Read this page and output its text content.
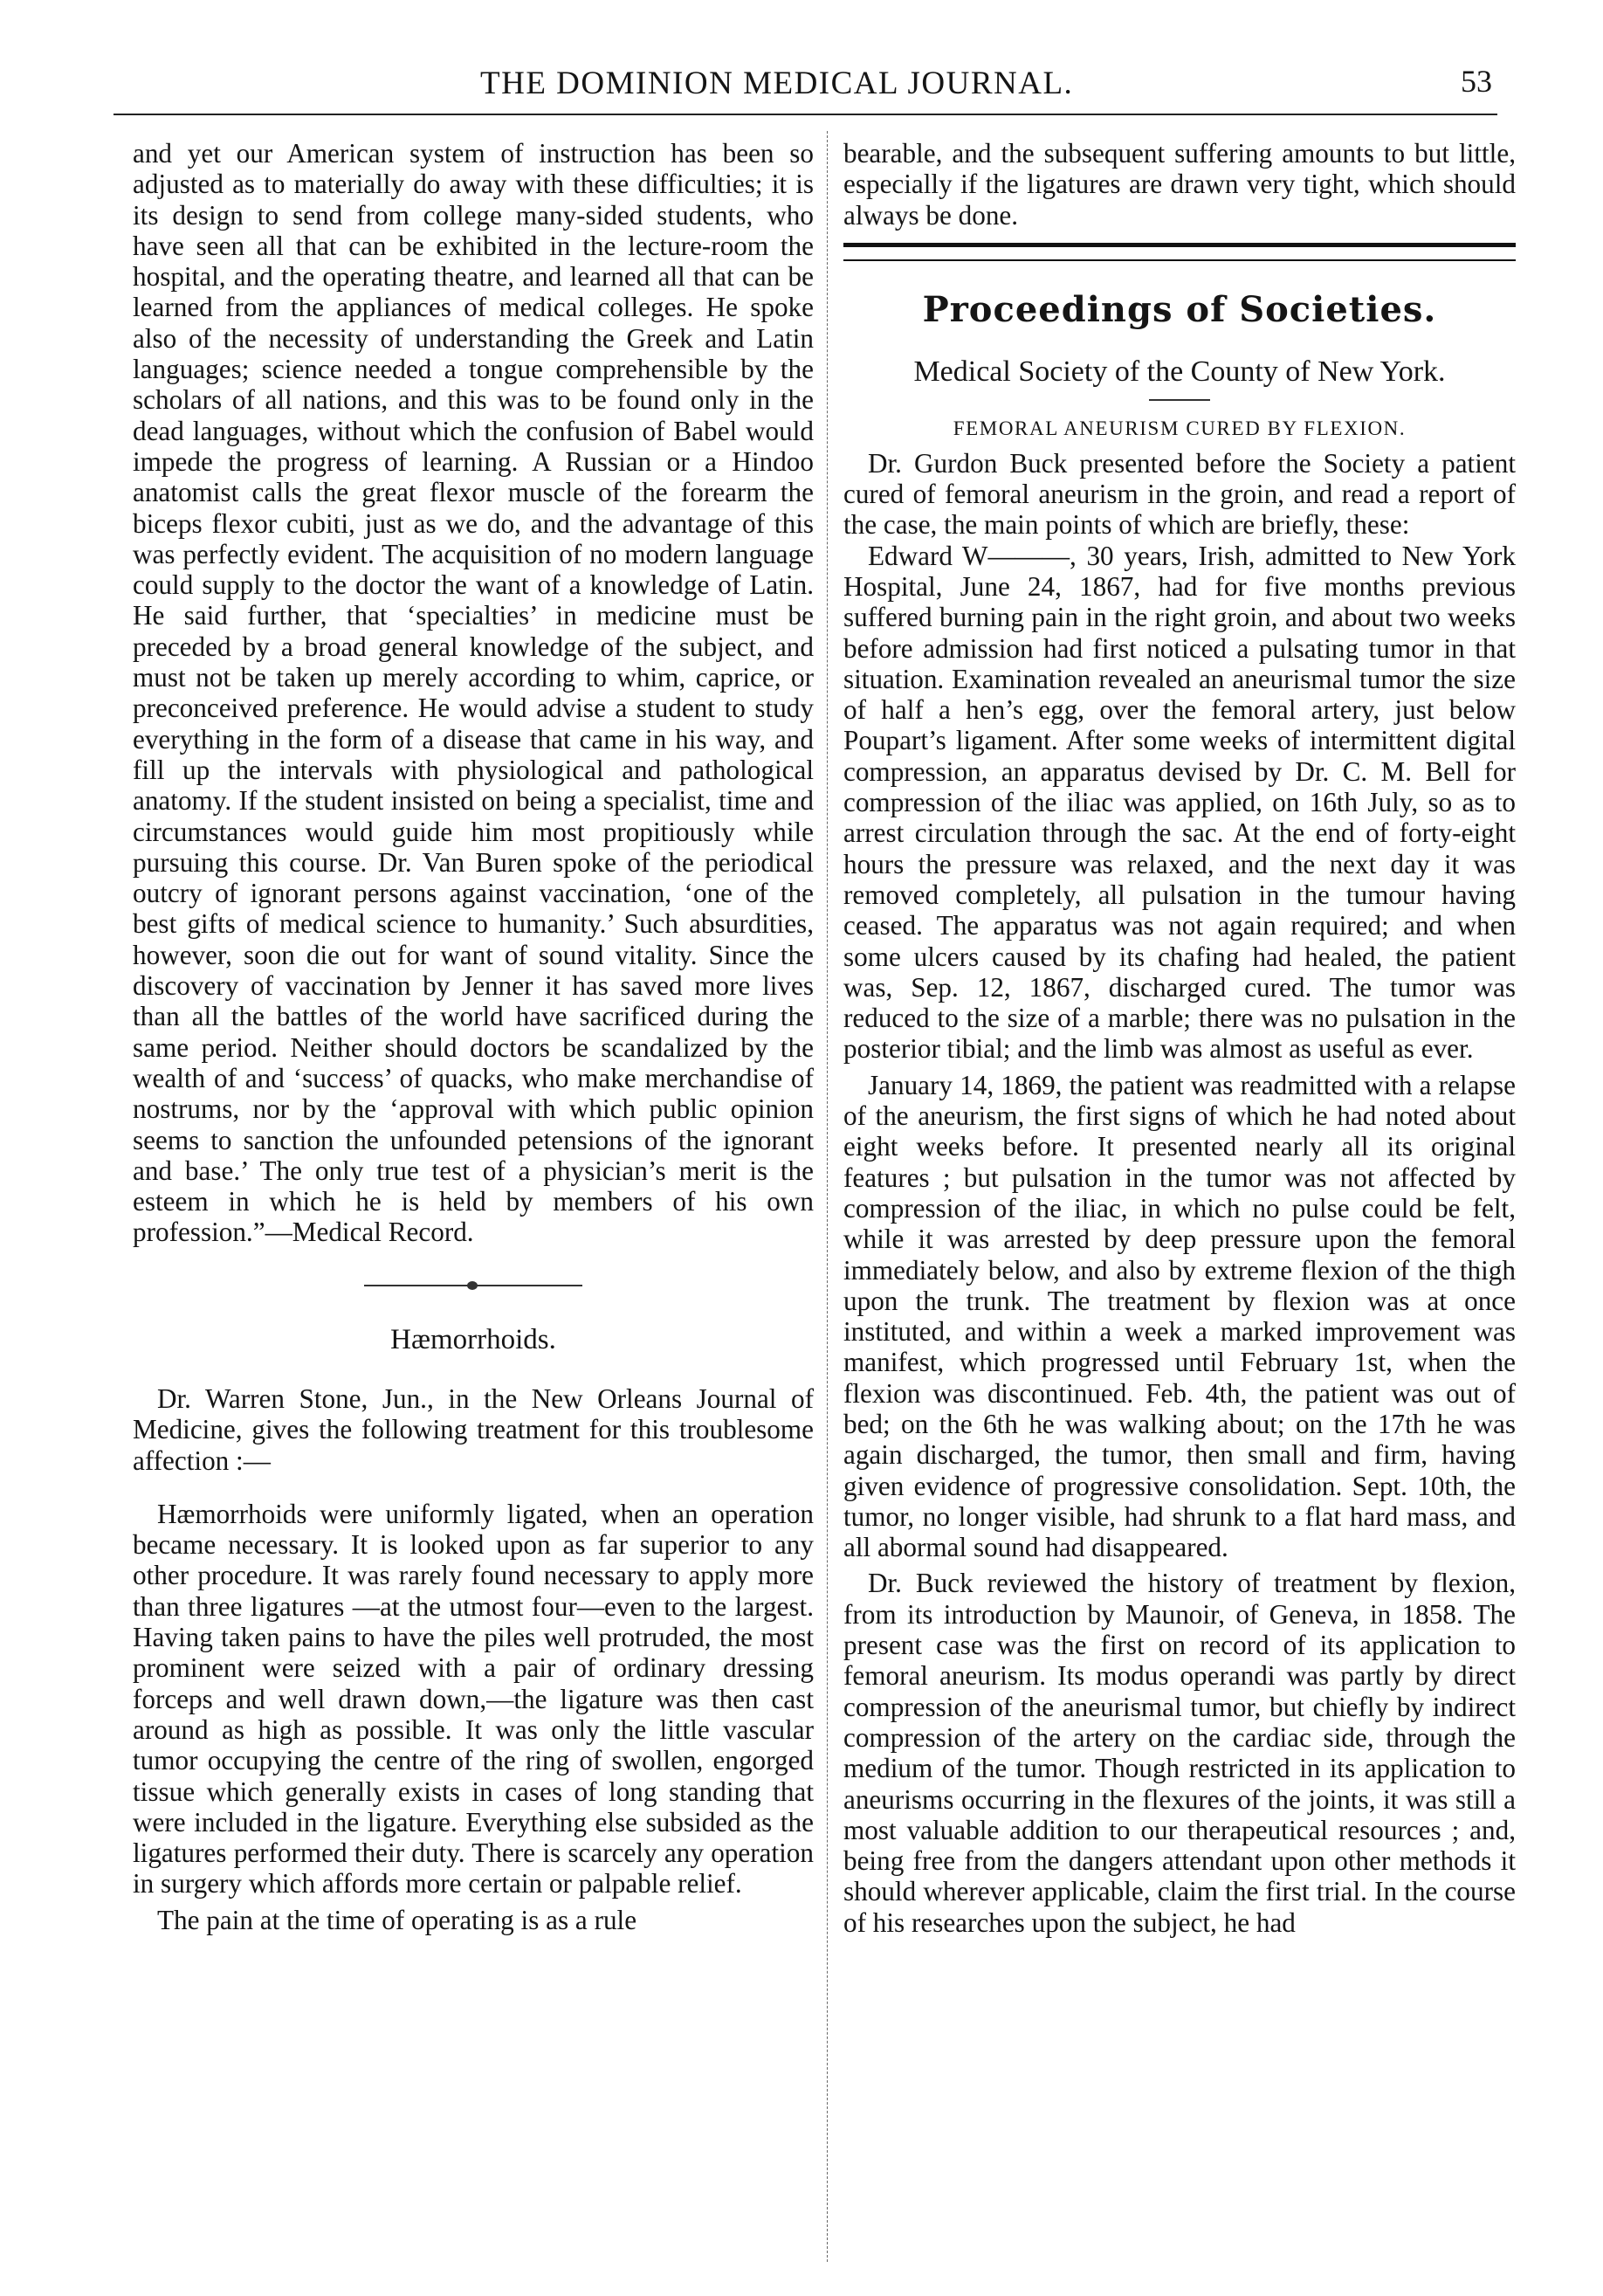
THE DOMINION MEDICAL JOURNAL.	53

and yet our American system of instruction has been so adjusted as to materially do away with these difficulties; it is its design to send from college many-sided students, who have seen all that can be exhibited in the lecture-room the hospital, and the operating theatre, and learned all that can be learned from the appliances of medical colleges. He spoke also of the necessity of understanding the Greek and Latin languages; science needed a tongue comprehensible by the scholars of all nations, and this was to be found only in the dead languages, without which the confusion of Babel would impede the progress of learning. A Russian or a Hindoo anatomist calls the great flexor muscle of the forearm the biceps flexor cubiti, just as we do, and the advantage of this was perfectly evident. The acquisition of no modern language could supply to the doctor the want of a knowledge of Latin. He said further, that ‘specialties’ in medicine must be preceded by a broad general knowledge of the subject, and must not be taken up merely according to whim, caprice, or preconceived preference. He would advise a student to study everything in the form of a disease that came in his way, and fill up the intervals with physiological and pathological anatomy. If the student insisted on being a specialist, time and circumstances would guide him most propitiously while pursuing this course. Dr. Van Buren spoke of the periodical outcry of ignorant persons against vaccination, ‘one of the best gifts of medical science to humanity.’ Such absurdities, however, soon die out for want of sound vitality. Since the discovery of vaccination by Jenner it has saved more lives than all the battles of the world have sacrificed during the same period. Neither should doctors be scandalized by the wealth of and ‘success’ of quacks, who make merchandise of nostrums, nor by the ‘approval with which public opinion seems to sanction the unfounded petensions of the ignorant and base.’ The only true test of a physician’s merit is the esteem in which he is held by members of his own profession.”—Medical Record.

Hæmorrhoids.

Dr. Warren Stone, Jun., in the New Orleans Journal of Medicine, gives the following treatment for this troublesome affection :—

Hæmorrhoids were uniformly ligated, when an operation became necessary. It is looked upon as far superior to any other procedure. It was rarely found necessary to apply more than three ligatures —at the utmost four—even to the largest. Having taken pains to have the piles well protruded, the most prominent were seized with a pair of ordinary dressing forceps and well drawn down,—the ligature was then cast around as high as possible. It was only the little vascular tumor occupying the centre of the ring of swollen, engorged tissue which generally exists in cases of long standing that were included in the ligature. Everything else subsided as the ligatures performed their duty. There is scarcely any operation in surgery which affords more certain or palpable relief.

The pain at the time of operating is as a rule

bearable, and the subsequent suffering amounts to but little, especially if the ligatures are drawn very tight, which should always be done.

Proceedings of Societies.

Medical Society of the County of New York.

FEMORAL ANEURISM CURED BY FLEXION.

Dr. Gurdon Buck presented before the Society a patient cured of femoral aneurism in the groin, and read a report of the case, the main points of which are briefly, these:

Edward W———, 30 years, Irish, admitted to New York Hospital, June 24, 1867, had for five months previous suffered burning pain in the right groin, and about two weeks before admission had first noticed a pulsating tumor in that situation. Examination revealed an aneurismal tumor the size of half a hen’s egg, over the femoral artery, just below Poupart’s ligament. After some weeks of intermittent digital compression, an apparatus devised by Dr. C. M. Bell for compression of the iliac was applied, on 16th July, so as to arrest circulation through the sac. At the end of forty-eight hours the pressure was relaxed, and the next day it was removed completely, all pulsation in the tumour having ceased. The apparatus was not again required; and when some ulcers caused by its chafing had healed, the patient was, Sep. 12, 1867, discharged cured. The tumor was reduced to the size of a marble; there was no pulsation in the posterior tibial; and the limb was almost as useful as ever.

January 14, 1869, the patient was readmitted with a relapse of the aneurism, the first signs of which he had noted about eight weeks before. It presented nearly all its original features ; but pulsation in the tumor was not affected by compression of the iliac, in which no pulse could be felt, while it was arrested by deep pressure upon the femoral immediately below, and also by extreme flexion of the thigh upon the trunk. The treatment by flexion was at once instituted, and within a week a marked improvement was manifest, which progressed until February 1st, when the flexion was discontinued. Feb. 4th, the patient was out of bed; on the 6th he was walking about; on the 17th he was again discharged, the tumor, then small and firm, having given evidence of progressive consolidation. Sept. 10th, the tumor, no longer visible, had shrunk to a flat hard mass, and all abormal sound had disappeared.

Dr. Buck reviewed the history of treatment by flexion, from its introduction by Maunoir, of Geneva, in 1858. The present case was the first on record of its application to femoral aneurism. Its modus operandi was partly by direct compression of the aneurismal tumor, but chiefly by indirect compression of the artery on the cardiac side, through the medium of the tumor. Though restricted in its application to aneurisms occurring in the flexures of the joints, it was still a most valuable addition to our therapeutical resources ; and, being free from the dangers attendant upon other methods it should wherever applicable, claim the first trial. In the course of his researches upon the subject, he had
